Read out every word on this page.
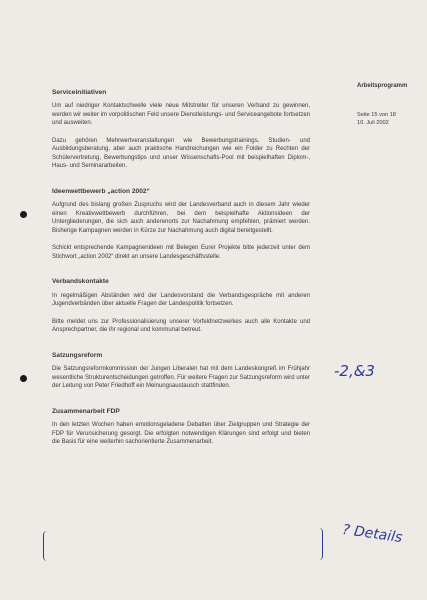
Arbeitsprogramm
Seite 15 von 18
10. Juli 2002
Serviceinitiativen

Um auf niedriger Kontaktschwelle viele neue Mitstreiter für unseren Verband zu gewinnen, werden wir weiter im vorpolitischen Feld unsere Dienstleistungs- und Serviceangebote fortsetzen und ausweiten.

Dazu gehören Mehrwertveranstaltungen wie Bewerbungstrainings, Studien- und Ausbildungsberatung, aber auch praktische Handreichungen wie ein Folder zu Rechten der Schülervertretung, Bewerbungstips und unser Wissenschafts-Pool mit beispielhaften Diplom-, Haus- und Seminararbeiten.

Ideenwettbewerb „action 2002“

Aufgrund des bislang großen Zuspruchs wird der Landesverband auch in diesem Jahr wieder einen Kreativwettbewerb durchführen, bei dem beispielhafte Aktionsideen der Untergliederungen, die sich auch anderenorts zur Nachahmung empfehlen, prämiert werden. Bisherige Kampagnen werden in Kürze zur Nachahmung auch digital bereitgestellt.

Schickt entsprechende Kampagnenideen mit Belegen Eurer Projekte bitte jederzeit unter dem Stichwort „action 2002“ direkt an unsere Landesgeschäftsstelle.

Verbandskontakte

In regelmäßigen Abständen wird der Landesvorstand die Verbandsgespräche mit anderen Jugendverbänden über aktuelle Fragen der Landespolitik fortsetzen.

Bitte meldet uns zur Professionalisierung unserer Vorfeldnetzwerkes auch alle Kontakte und Ansprechpartner, die ihr regional und kommunal betreut.

Satzungsreform

Die Satzungsreformkommission der Jungen Liberalen hat mit dem Landeskongreß im Frühjahr wesentliche Strukturentscheidungen getroffen. Für weitere Fragen zur Satzungsreform wird unter der Leitung von Peter Friedhoff ein Meinungsaustausch stattfinden.

Zusammenarbeit FDP

In den letzten Wochen haben emotionsgeladene Debatten über Zielgruppen und Strategie der FDP für Verunsicherung gesorgt. Die erfolgten notwendigen Klärungen sind erfolgt und bieten die Basis für eine weiterhin sachorientierte Zusammenarbeit.

-2,&3
? Details
